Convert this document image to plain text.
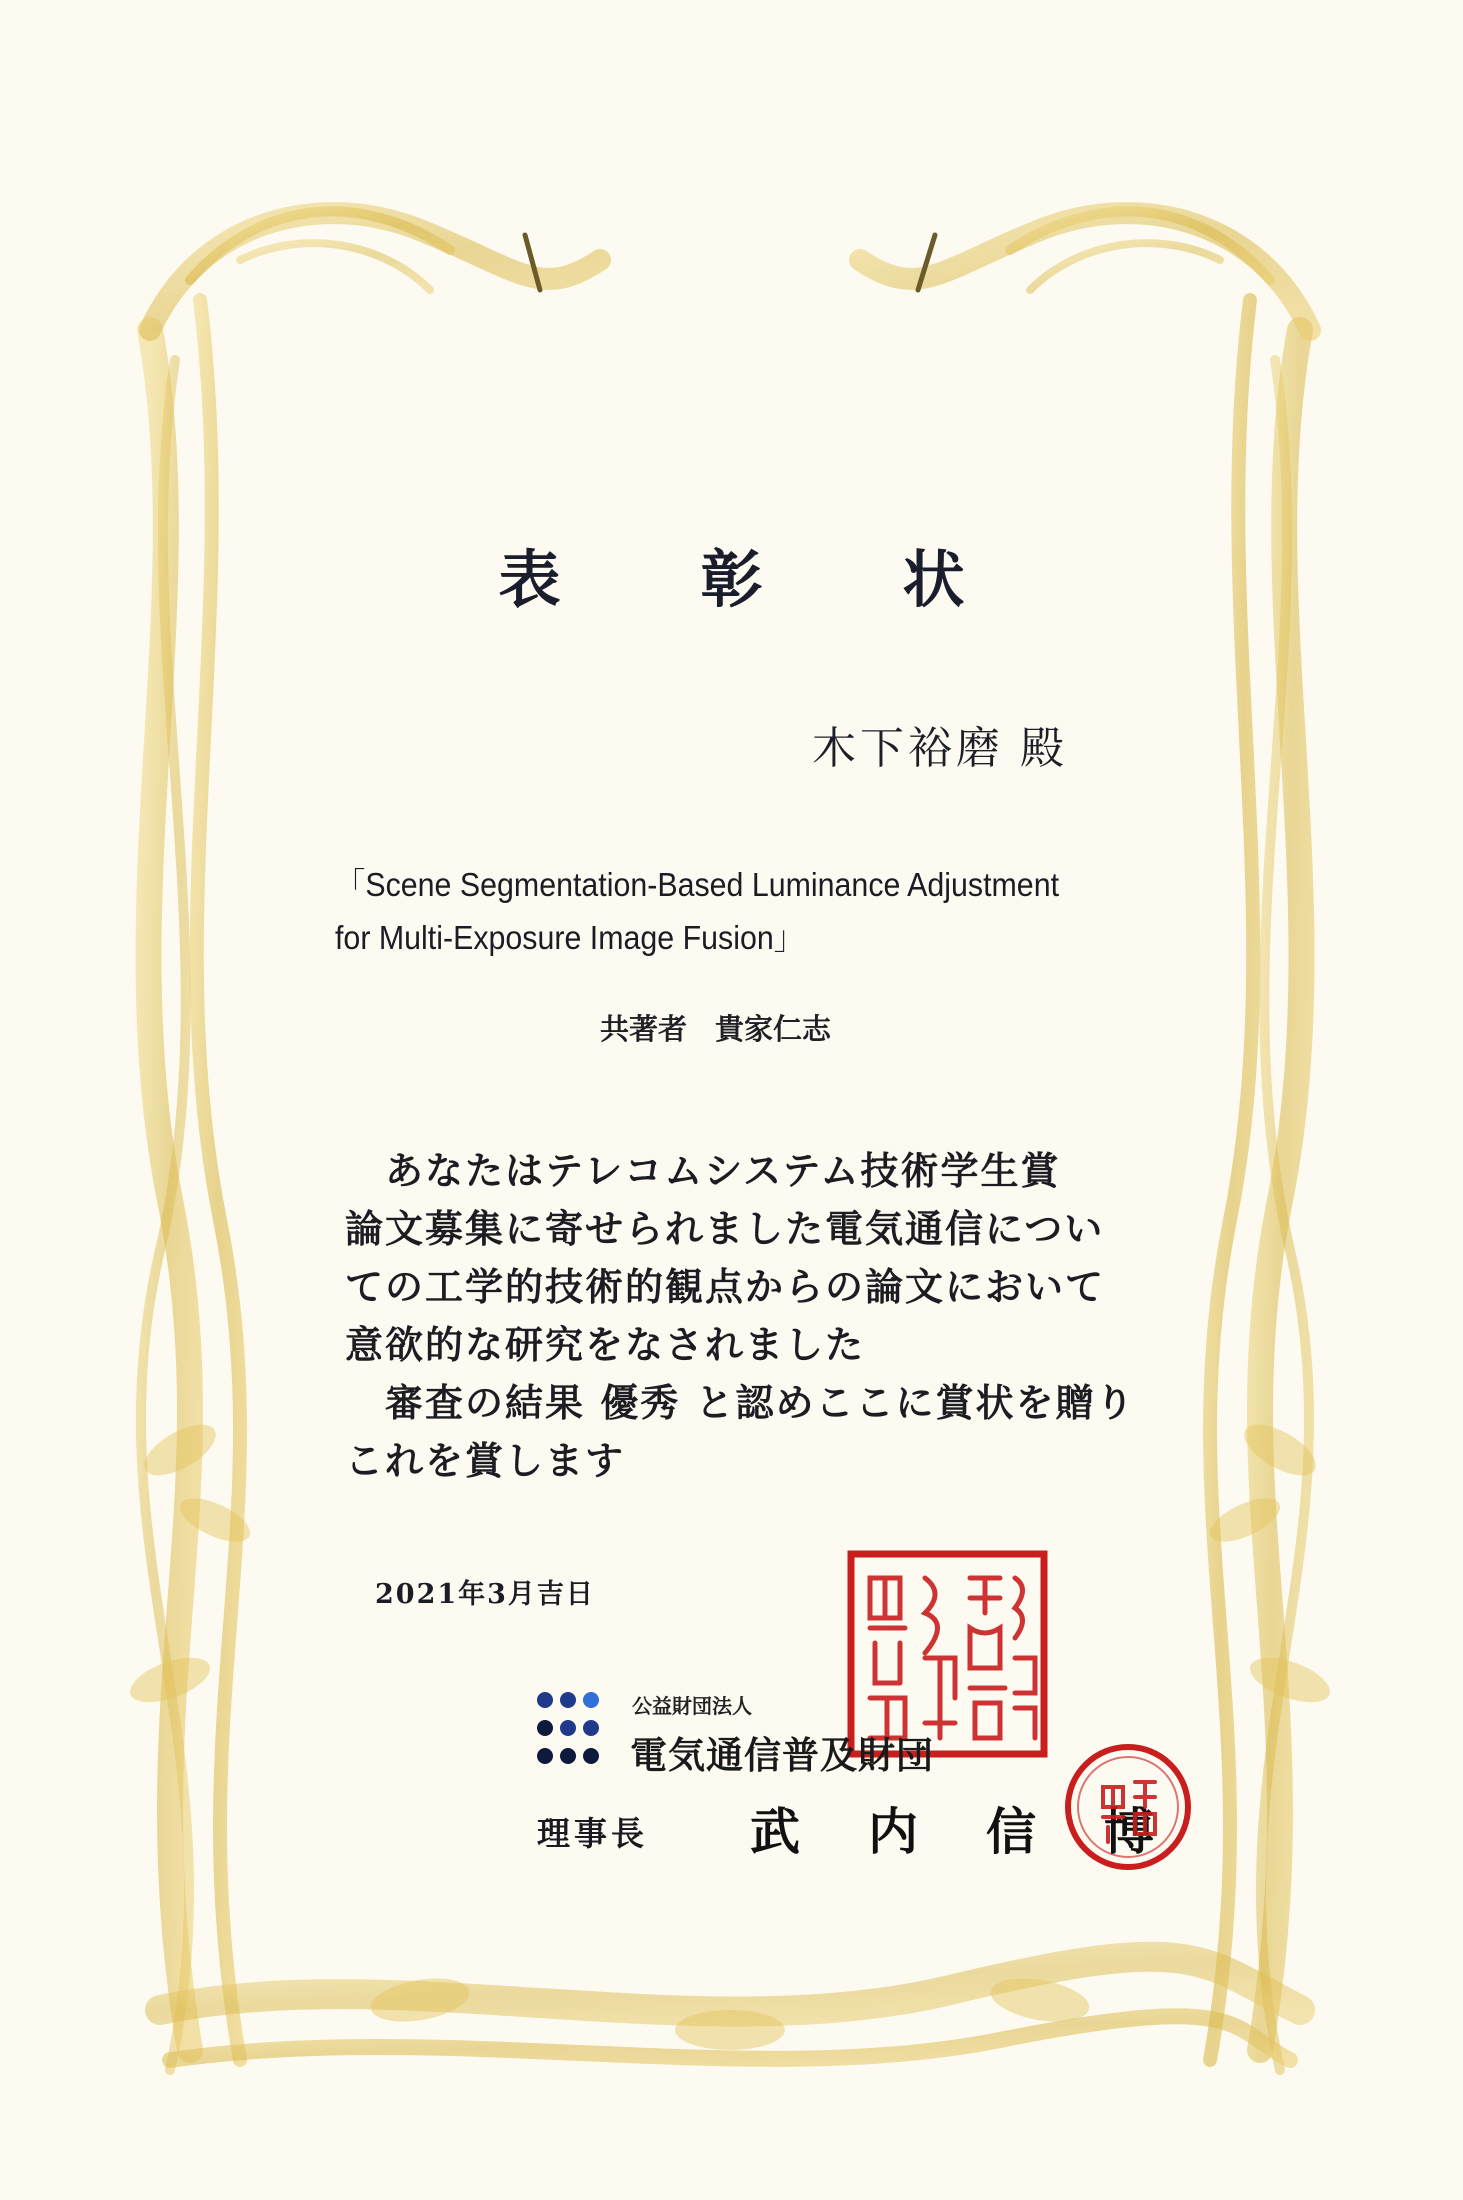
表彰状
木下裕磨 殿
「Scene Segmentation-Based Luminance Adjustment
for Multi-Exposure Image Fusion」
共著者 貴家仁志
　あなたはテレコムシステム技術学生賞
論文募集に寄せられました電気通信につい
ての工学的技術的観点からの論文において
意欲的な研究をなされました
　審査の結果 優秀 と認めここに賞状を贈り
これを賞します
2021年3月吉日
公益財団法人
電気通信普及財団
理事長 武内信博
